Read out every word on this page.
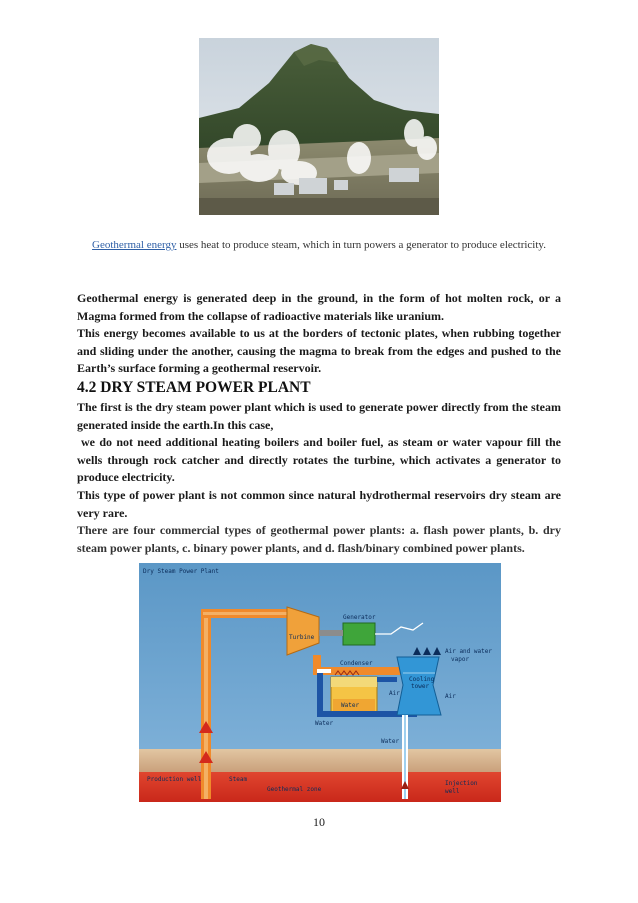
Geothermal energy uses heat to produce steam, which in turn powers a generator to produce electricity.

Geothermal energy is generated deep in the ground, in the form of hot molten rock, or a Magma formed from the collapse of radioactive materials like uranium.

This energy becomes available to us at the borders of tectonic plates, when rubbing together and sliding under the another, causing the magma to break from the edges and pushed to the Earth’s surface forming a geothermal reservoir.

4.2 DRY STEAM POWER PLANT

The first is the dry steam power plant which is used to generate power directly from the steam generated inside the earth.In this case,

we do not need additional heating boilers and boiler fuel, as steam or water vapour fill the wells through rock catcher and directly rotates the turbine, which activates a generator to produce electricity.

This type of power plant is not common since natural hydrothermal reservoirs dry steam are very rare.

There are four commercial types of geothermal power plants: a. flash power plants, b. dry steam power plants, c. binary power plants, and d. flash/binary combined power plants.

Dry Steam Power Plant
Generator
Turbine
Condenser
Air and water
vapor
Cooling
tower
Air	Air
Water
Water
Water
Production well	Steam
Geothermal zone
Injection
well
10
